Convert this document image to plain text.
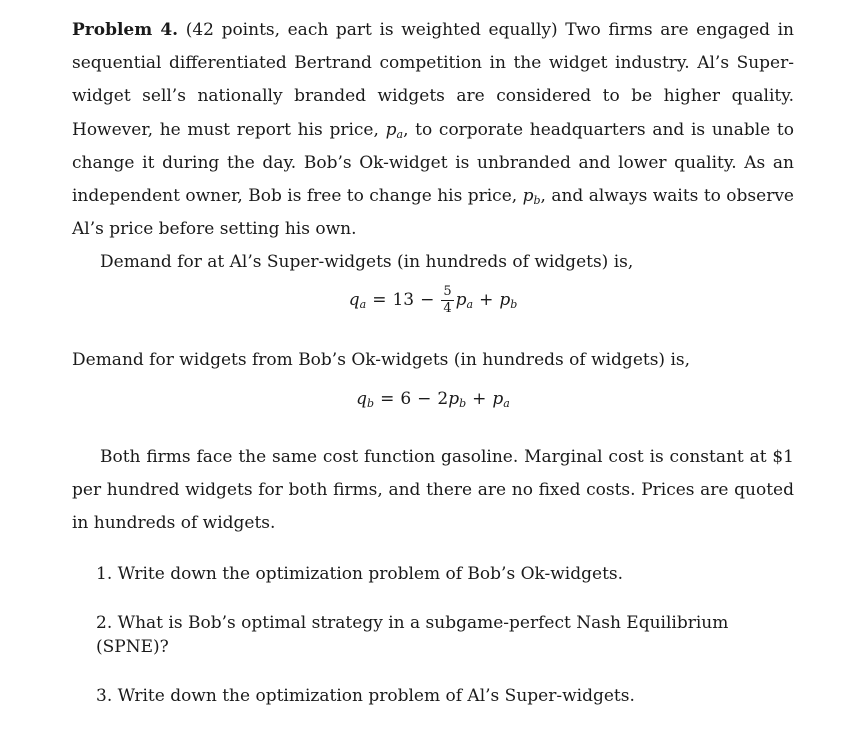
Problem 4. (42 points, each part is weighted equally) Two firms are engaged in sequential differentiated Bertrand competition in the widget industry. Al’s Super-widget sell’s nationally branded widgets are considered to be higher quality. However, he must report his price, $p_a$, to corporate headquarters and is unable to change it during the day. Bob’s Ok-widget is unbranded and lower quality. As an independent owner, Bob is free to change his price, $p_b$, and always waits to observe Al’s price before setting his own.

Demand for at Al’s Super-widgets (in hundreds of widgets) is,

$q_a = 13 - \frac{5}{4} p_a + p_b$

Demand for widgets from Bob’s Ok-widgets (in hundreds of widgets) is,

$q_b = 6 - 2$ $p_b + p_a$

Both firms face the same cost function gasoline. Marginal cost is constant at $1 per hundred widgets for both firms, and there are no fixed costs. Prices are quoted in hundreds of widgets.

1. Write down the optimization problem of Bob’s Ok-widgets.
2. What is Bob’s optimal strategy in a subgame-perfect Nash Equilibrium (SPNE)?
3. Write down the optimization problem of Al’s Super-widgets.
